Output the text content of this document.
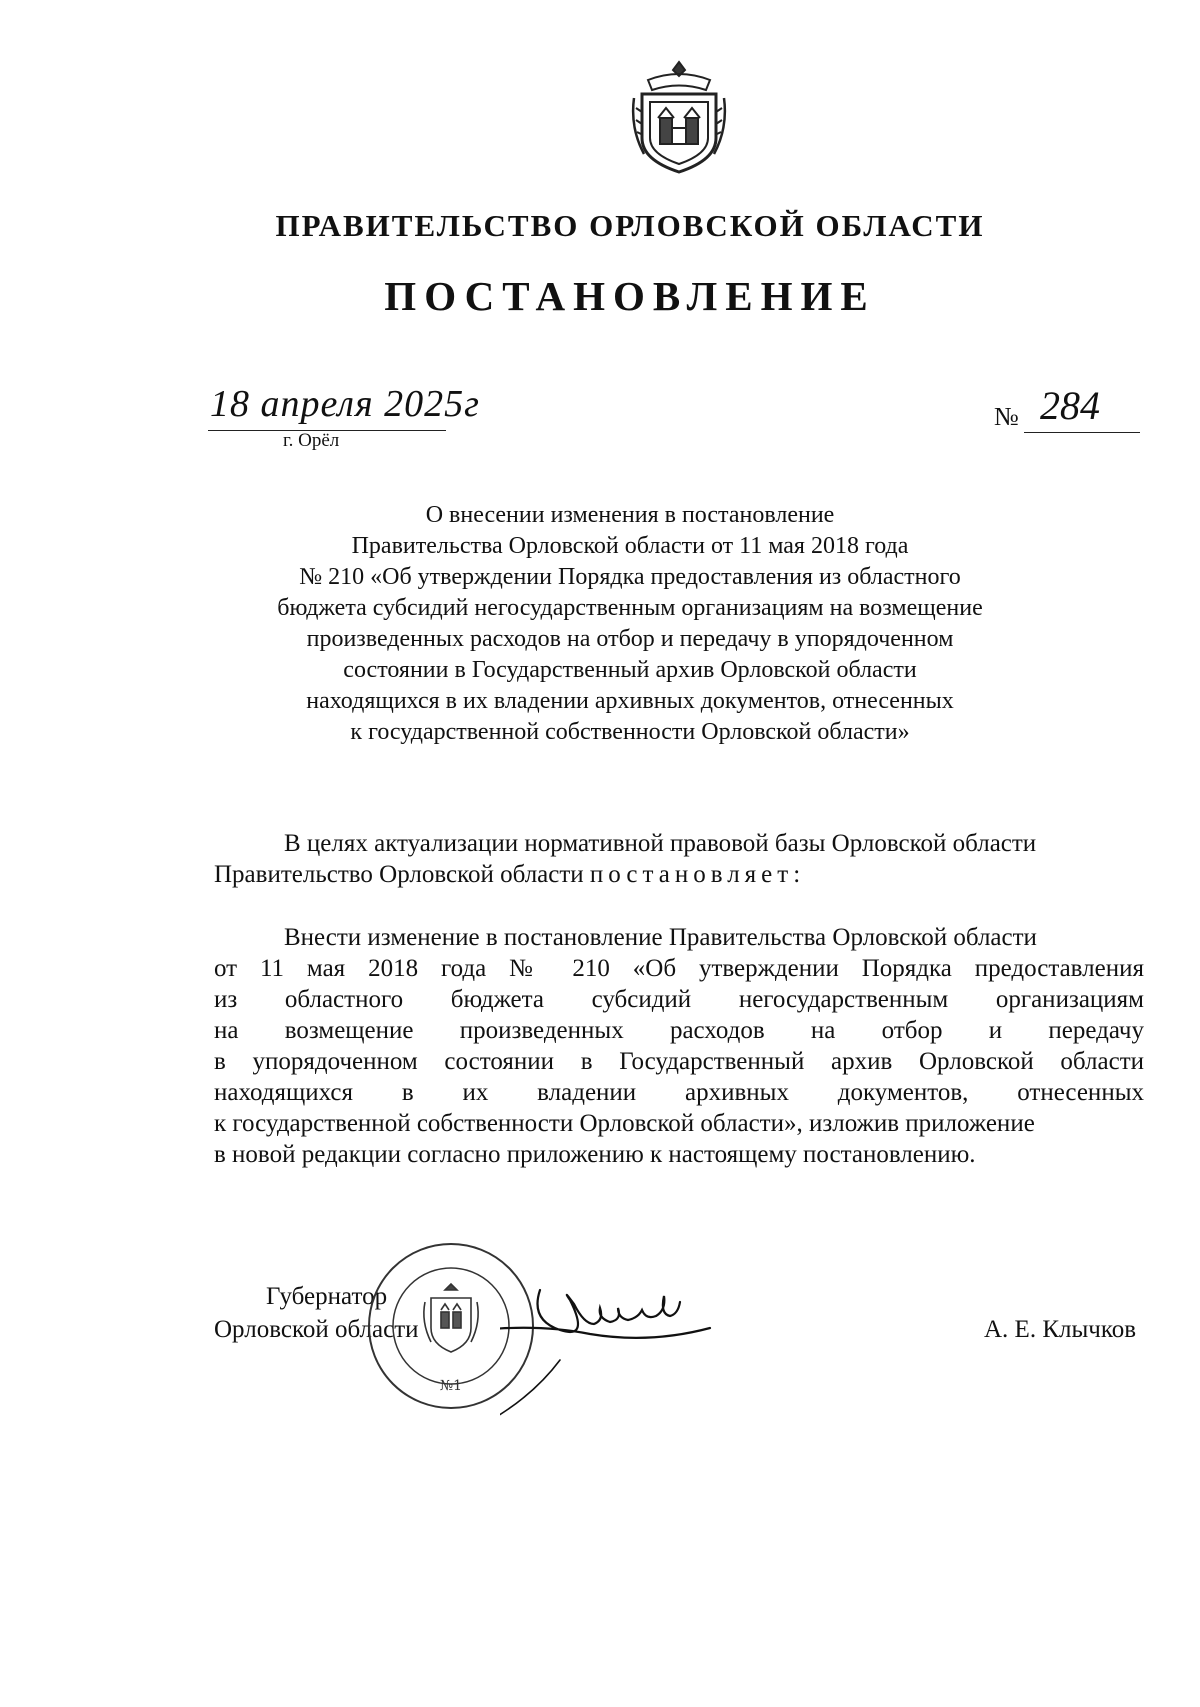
ПРАВИТЕЛЬСТВО ОРЛОВСКОЙ ОБЛАСТИ
ПОСТАНОВЛЕНИЕ
18 апреля 2025г
г. Орёл
№ 284
О внесении изменения в постановление
Правительства Орловской области от 11 мая 2018 года
№ 210 «Об утверждении Порядка предоставления из областного
бюджета субсидий негосударственным организациям на возмещение
произведенных расходов на отбор и передачу в упорядоченном
состоянии в Государственный архив Орловской области
находящихся в их владении архивных документов, отнесенных
к государственной собственности Орловской области»
В целях актуализации нормативной правовой базы Орловской области
Правительство Орловской области постановляет:
Внести изменение в постановление Правительства Орловской области
от 11 мая 2018 года № 210 «Об утверждении Порядка предоставления
из областного бюджета субсидий негосударственным организациям
на возмещение произведенных расходов на отбор и передачу
в упорядоченном состоянии в Государственный архив Орловской области
находящихся в их владении архивных документов, отнесенных
к государственной собственности Орловской области», изложив приложение
в новой редакции согласно приложению к настоящему постановлению.
Губернатор
Орловской области	А. Е. Клычков
№1
